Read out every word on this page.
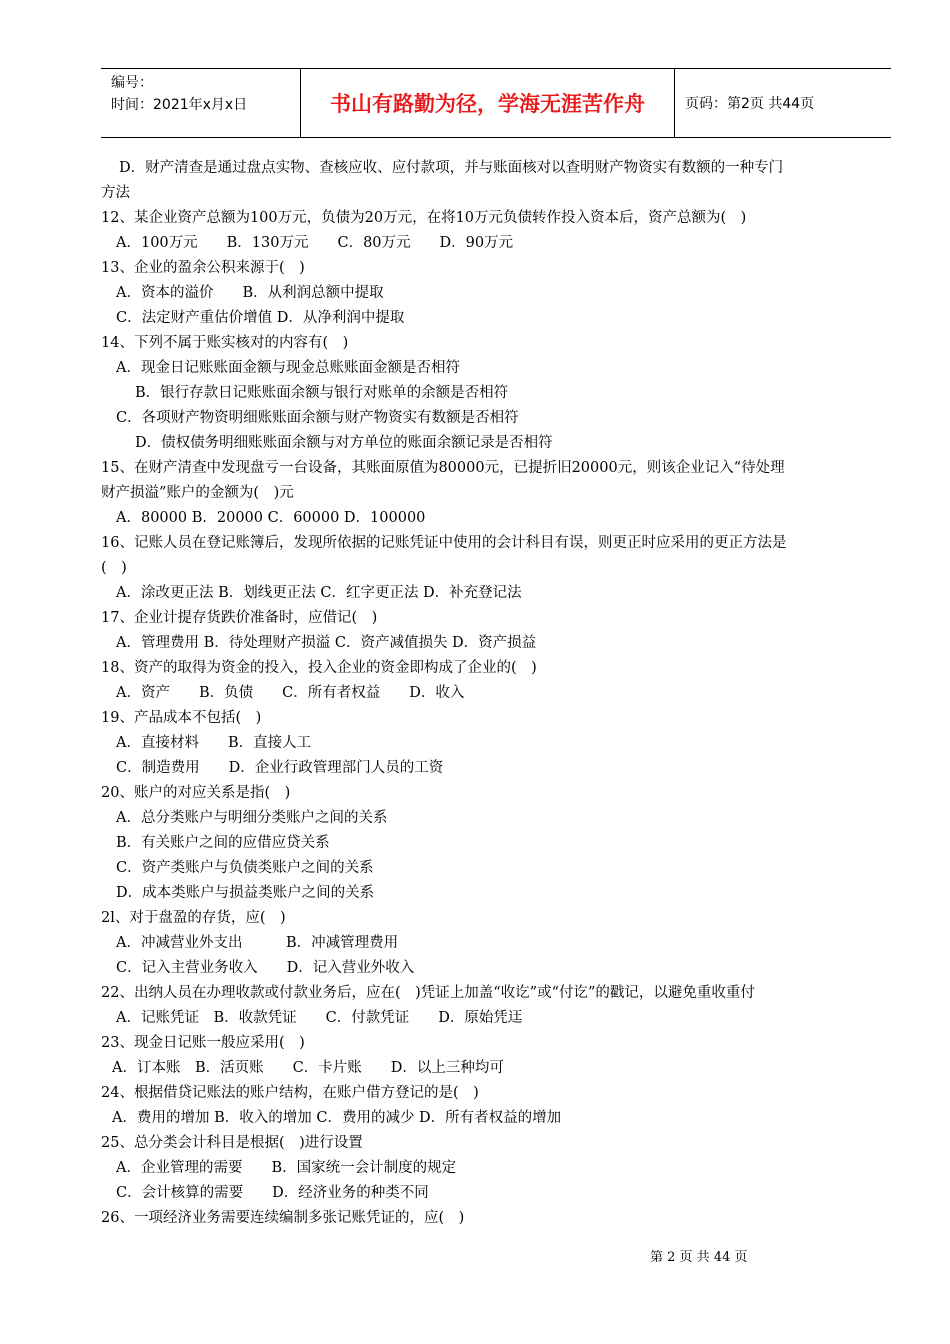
编号：
时间：2021年x月x日	书山有路勤为径，学海无涯苦作舟	页码：第2页 共44页
D．财产清查是通过盘点实物、查核应收、应付款项，并与账面核对以查明财产物资实有数额的一种专门
方法
12、某企业资产总额为100万元，负债为20万元，在将10万元负债转作投入资本后，资产总额为(　)
A．100万元　　B．130万元　　C．80万元　　D．90万元
13、企业的盈余公积来源于(　)
A．资本的溢价　　B．从利润总额中提取
C．法定财产重估价增值 D．从净利润中提取
14、下列不属于账实核对的内容有(　)
A．现金日记账账面金额与现金总账账面金额是否相符
B．银行存款日记账账面余额与银行对账单的余额是否相符
C．各项财产物资明细账账面余额与财产物资实有数额是否相符
D．债权债务明细账账面余额与对方单位的账面余额记录是否相符
15、在财产清查中发现盘亏一台设备，其账面原值为80000元，已提折旧20000元，则该企业记入“待处理
财产损溢”账户的金额为(　)元
A．80000 B．20000 C．60000 D．100000
16、记账人员在登记账簿后，发现所依据的记账凭证中使用的会计科目有误，则更正时应采用的更正方法是
(　)
A．涂改更正法 B．划线更正法 C．红字更正法 D．补充登记法
17、企业计提存货跌价准备时，应借记(　)
A．管理费用 B．待处理财产损溢 C．资产减值损失 D．资产损益
18、资产的取得为资金的投入，投入企业的资金即构成了企业的(　)
A．资产　　B．负债　　C．所有者权益　　D．收入
19、产品成本不包括(　)
A．直接材料　　B．直接人工
C．制造费用　　D．企业行政管理部门人员的工资
20、账户的对应关系是指(　)
A．总分类账户与明细分类账户之间的关系
B．有关账户之间的应借应贷关系
C．资产类账户与负债类账户之间的关系
D．成本类账户与损益类账户之间的关系
2l、对于盘盈的存货，应(　)
A．冲减营业外支出　　　B．冲减管理费用
C．记入主营业务收入　　D．记入营业外收入
22、出纳人员在办理收款或付款业务后，应在(　)凭证上加盖“收讫”或“付讫”的戳记，以避免重收重付
A．记账凭证　B．收款凭证　　C．付款凭证　　D．原始凭迋
23、现金日记账一般应采用(　)
A．订本账　B．活页账　　C．卡片账　　D．以上三种均可
24、根据借贷记账法的账户结构，在账户借方登记的是(　)
A．费用的增加 B．收入的增加 C．费用的减少 D．所有者权益的增加
25、总分类会计科目是根据(　)进行设置
A．企业管理的需要　　B．国家统一会计制度的规定
C．会计核算的需要　　D．经济业务的种类不同
26、一项经济业务需要连续编制多张记账凭证的，应(　)
第 2 页 共 44 页
